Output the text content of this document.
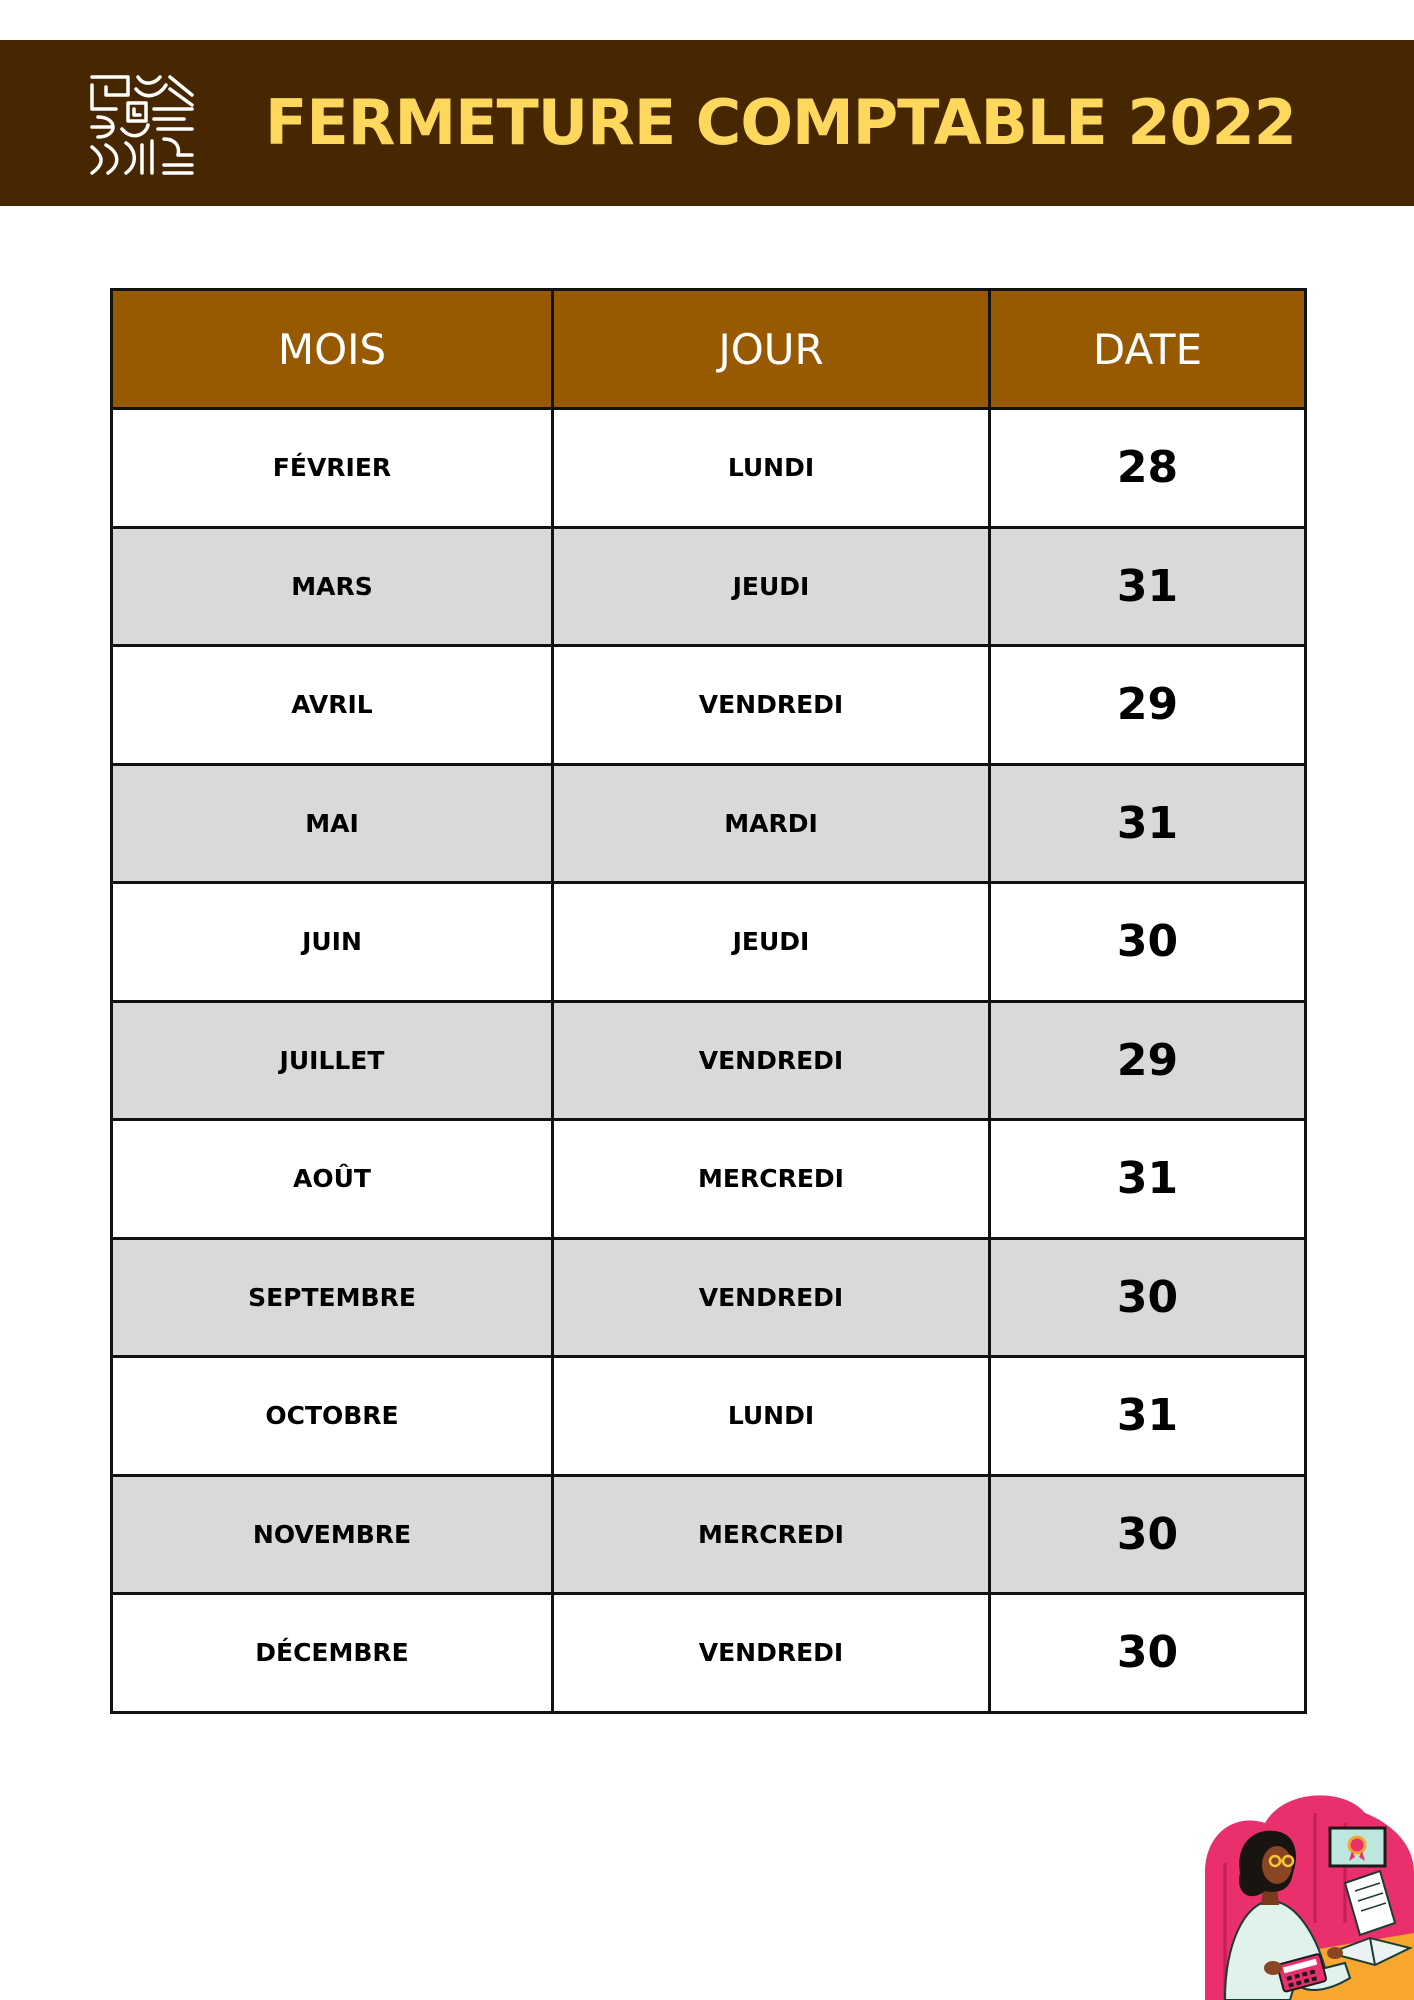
FERMETURE COMPTABLE 2022
MOIS	JOUR	DATE
FÉVRIER	LUNDI	28
MARS	JEUDI	31
AVRIL	VENDREDI	29
MAI	MARDI	31
JUIN	JEUDI	30
JUILLET	VENDREDI	29
AOÛT	MERCREDI	31
SEPTEMBRE	VENDREDI	30
OCTOBRE	LUNDI	31
NOVEMBRE	MERCREDI	30
DÉCEMBRE	VENDREDI	30
